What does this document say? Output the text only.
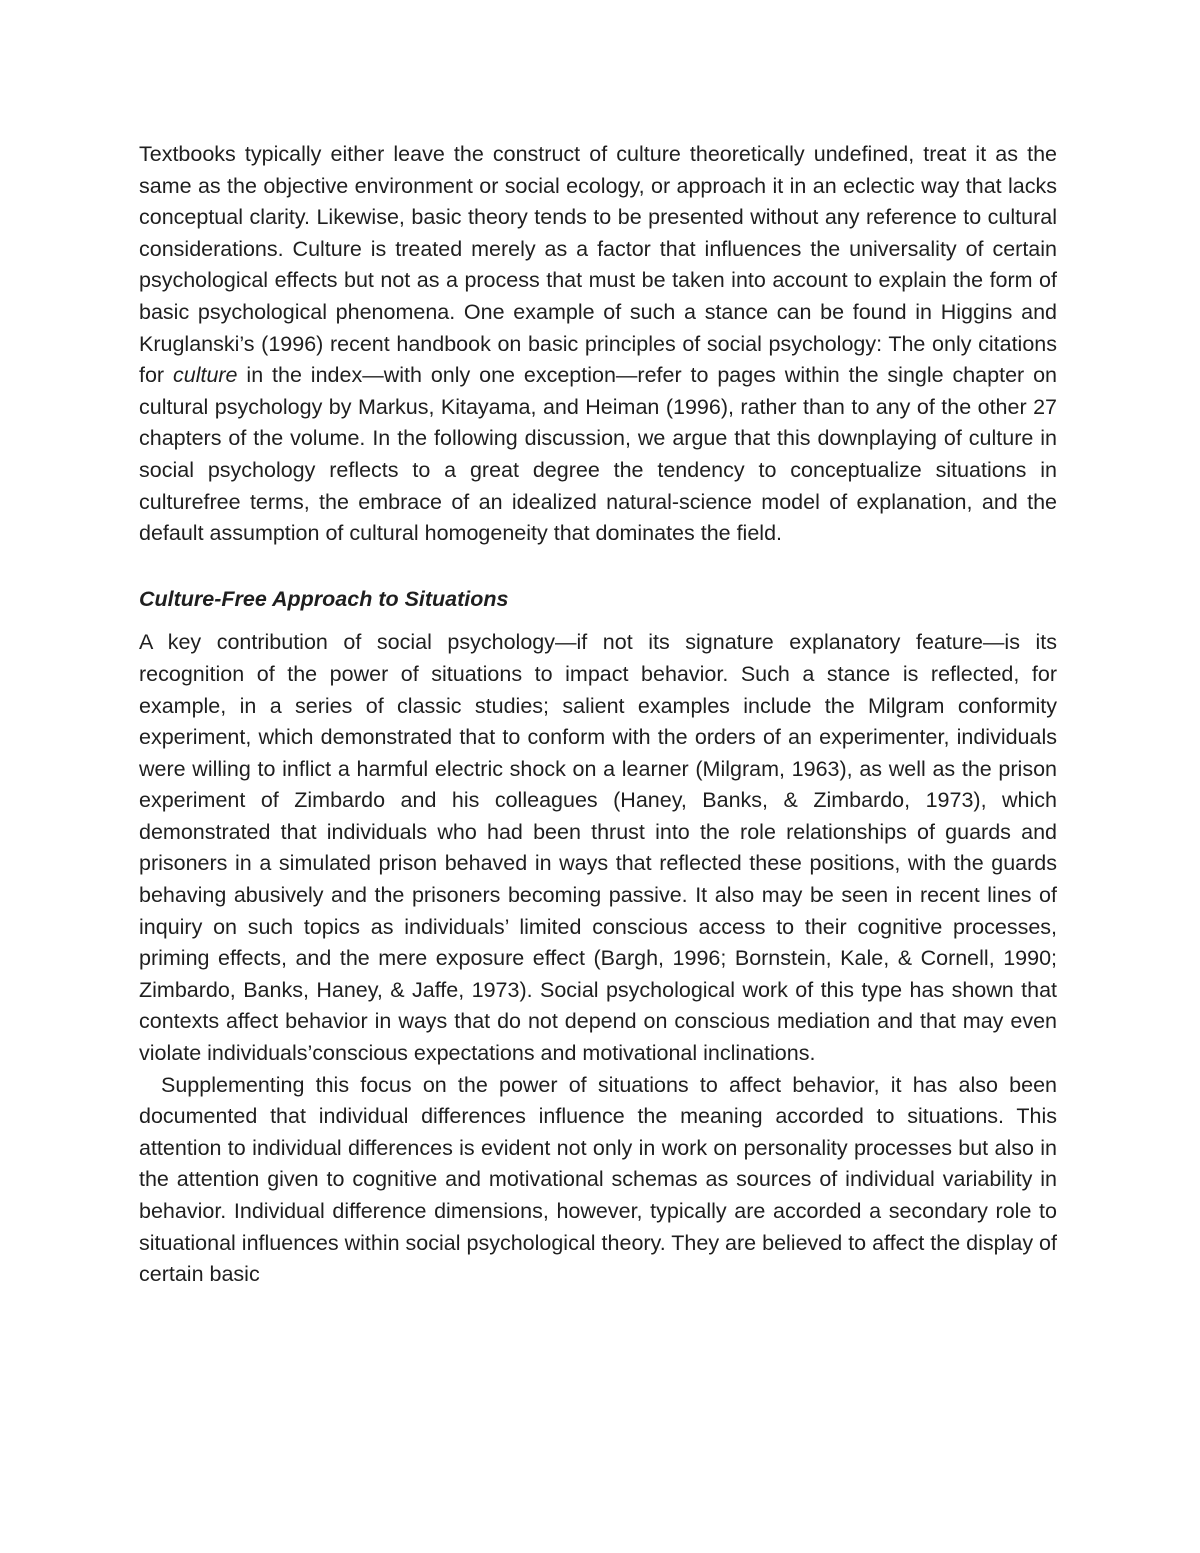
Textbooks typically either leave the construct of culture theoretically undefined, treat it as the same as the objective environment or social ecology, or approach it in an eclectic way that lacks conceptual clarity. Likewise, basic theory tends to be presented without any reference to cultural considerations. Culture is treated merely as a factor that influences the universality of certain psychological effects but not as a process that must be taken into account to explain the form of basic psychological phenomena. One example of such a stance can be found in Higgins and Kruglanski’s (1996) recent handbook on basic principles of social psychology: The only citations for culture in the index—with only one exception—refer to pages within the single chapter on cultural psychology by Markus, Kitayama, and Heiman (1996), rather than to any of the other 27 chapters of the volume. In the following discussion, we argue that this downplaying of culture in social psychology reflects to a great degree the tendency to conceptualize situations in culturefree terms, the embrace of an idealized natural-science model of explanation, and the default assumption of cultural homogeneity that dominates the field.

Culture-Free Approach to Situations

A key contribution of social psychology—if not its signature explanatory feature—is its recognition of the power of situations to impact behavior. Such a stance is reflected, for example, in a series of classic studies; salient examples include the Milgram conformity experiment, which demonstrated that to conform with the orders of an experimenter, individuals were willing to inflict a harmful electric shock on a learner (Milgram, 1963), as well as the prison experiment of Zimbardo and his colleagues (Haney, Banks, & Zimbardo, 1973), which demonstrated that individuals who had been thrust into the role relationships of guards and prisoners in a simulated prison behaved in ways that reflected these positions, with the guards behaving abusively and the prisoners becoming passive. It also may be seen in recent lines of inquiry on such topics as individuals’ limited conscious access to their cognitive processes, priming effects, and the mere exposure effect (Bargh, 1996; Bornstein, Kale, & Cornell, 1990; Zimbardo, Banks, Haney, & Jaffe, 1973). Social psychological work of this type has shown that contexts affect behavior in ways that do not depend on conscious mediation and that may even violate individuals’conscious expectations and motivational inclinations.

Supplementing this focus on the power of situations to affect behavior, it has also been documented that individual differences influence the meaning accorded to situations. This attention to individual differences is evident not only in work on personality processes but also in the attention given to cognitive and motivational schemas as sources of individual variability in behavior. Individual difference dimensions, however, typically are accorded a secondary role to situational influences within social psychological theory. They are believed to affect the display of certain basic
